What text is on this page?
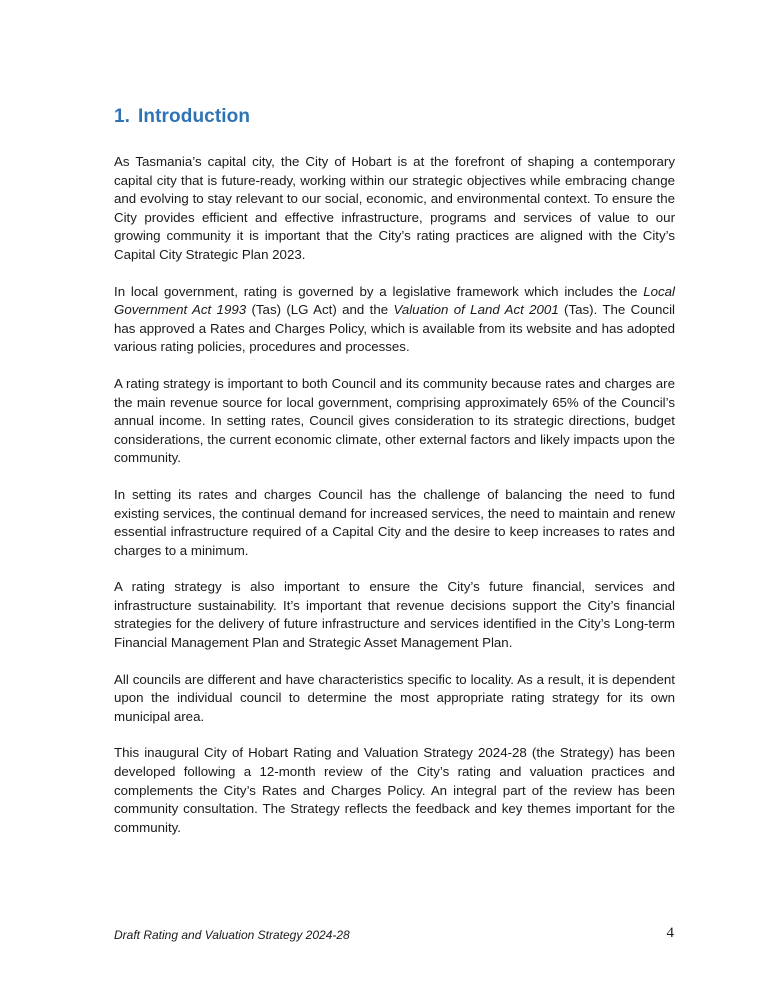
1. Introduction

As Tasmania’s capital city, the City of Hobart is at the forefront of shaping a contemporary capital city that is future-ready, working within our strategic objectives while embracing change and evolving to stay relevant to our social, economic, and environmental context. To ensure the City provides efficient and effective infrastructure, programs and services of value to our growing community it is important that the City’s rating practices are aligned with the City’s Capital City Strategic Plan 2023.

In local government, rating is governed by a legislative framework which includes the Local Government Act 1993 (Tas) (LG Act) and the Valuation of Land Act 2001 (Tas). The Council has approved a Rates and Charges Policy, which is available from its website and has adopted various rating policies, procedures and processes.

A rating strategy is important to both Council and its community because rates and charges are the main revenue source for local government, comprising approximately 65% of the Council’s annual income. In setting rates, Council gives consideration to its strategic directions, budget considerations, the current economic climate, other external factors and likely impacts upon the community.

In setting its rates and charges Council has the challenge of balancing the need to fund existing services, the continual demand for increased services, the need to maintain and renew essential infrastructure required of a Capital City and the desire to keep increases to rates and charges to a minimum.

A rating strategy is also important to ensure the City’s future financial, services and infrastructure sustainability. It’s important that revenue decisions support the City’s financial strategies for the delivery of future infrastructure and services identified in the City’s Long-term Financial Management Plan and Strategic Asset Management Plan.

All councils are different and have characteristics specific to locality. As a result, it is dependent upon the individual council to determine the most appropriate rating strategy for its own municipal area.

This inaugural City of Hobart Rating and Valuation Strategy 2024-28 (the Strategy) has been developed following a 12-month review of the City’s rating and valuation practices and complements the City’s Rates and Charges Policy. An integral part of the review has been community consultation. The Strategy reflects the feedback and key themes important for the community.

Draft Rating and Valuation Strategy 2024-28	4
